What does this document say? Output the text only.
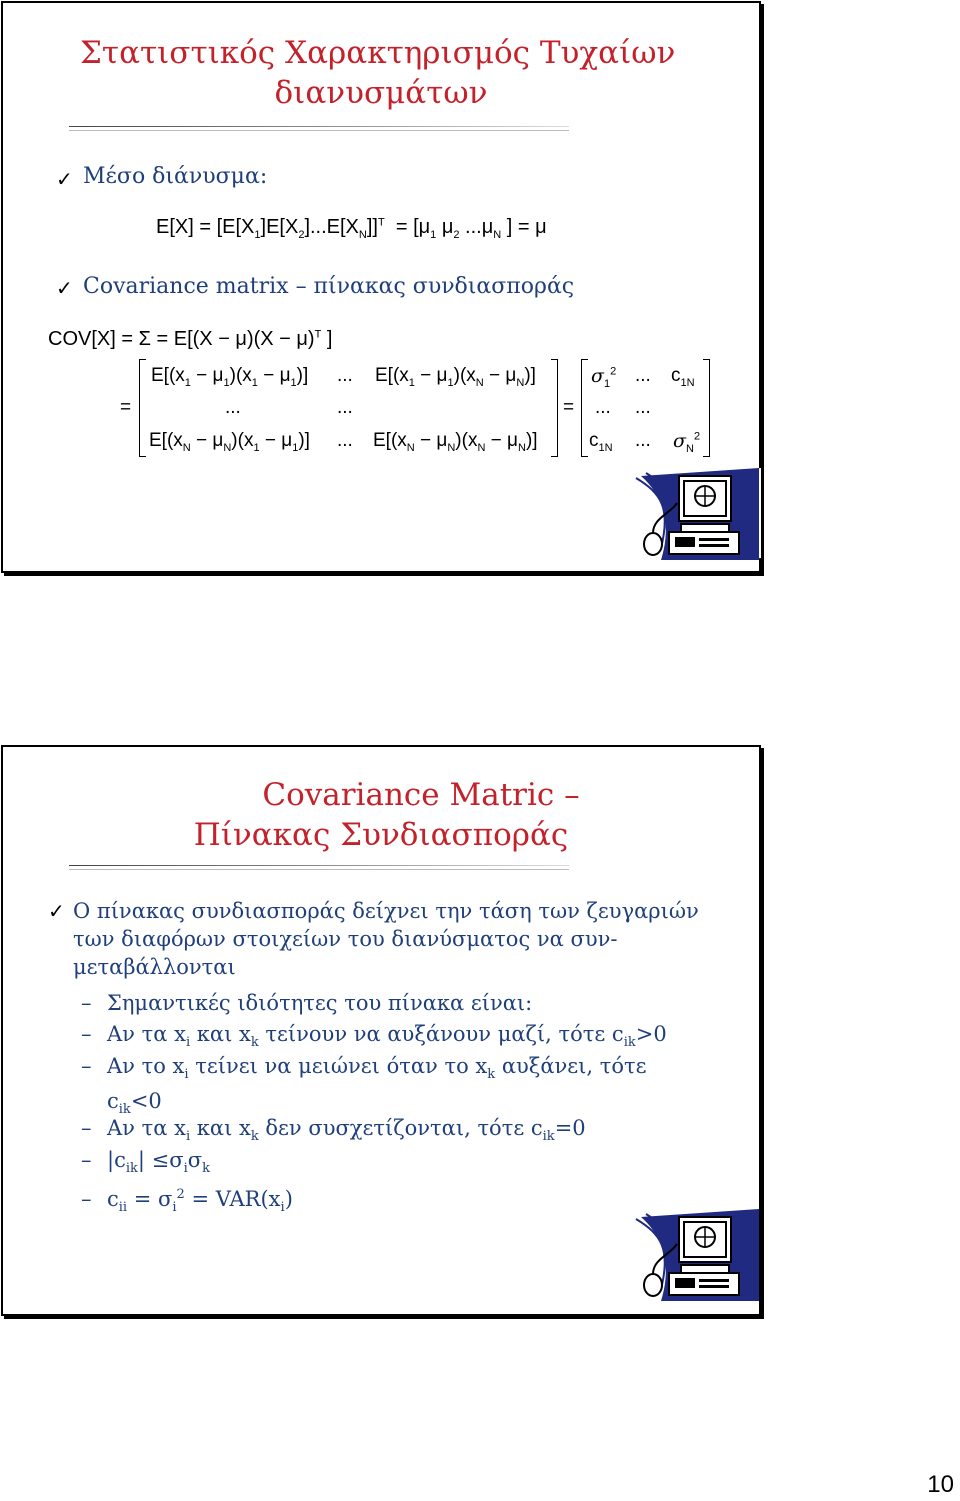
Στατιστικός Χαρακτηρισμός Τυχαίων
διανυσμάτων
✓ Μέσο διάνυσμα:
$E[X] = [E[X_1]E[X_2]...E[X_N]]^T = [\mu_1$ $\mu_2$ $...\mu_N$ ] = μ
✓ Covariance matrix – πίνακας συνδιασποράς
$COV[X] = \Sigma = E[(X - \mu)(X - \mu)^T$ ]
=
$E[(x_1 - \mu_1)(x_1 - \mu_1)]$ ... $E[(x_1 - \mu_1)(x_N - \mu_N)]$
...	...
$E[(x_N - \mu_N)(x_1 - \mu_1)]$ ... $E[(x_N - \mu_N)(x_N - \mu_N)]$
=
$\sigma_1^2$ ... $c_{1N}$
... ...
$c_{1N}$ ... $\sigma_N^2$
Covariance Matric –
Πίνακας Συνδιασποράς
✓ Ο πίνακας συνδιασποράς δείχνει την τάση των ζευγαριών των διαφόρων στοιχείων του διανύσματος να συν-μεταβάλλονται
– Σημαντικές ιδιότητες του πίνακα είναι:
– Αν τα $x_i$ και $x_k$ τείνουν να αυξάνουν μαζί, τότε $c_{ik}>0$
– Αν το $x_i$ τείνει να μειώνει όταν το $x_k$ αυξάνει, τότε
$c_{ik}<0$
– Αν τα $x_i$ και $x_k$ δεν συσχετίζονται, τότε $c_{ik}=0$
– $|c_{ik}| \le\sigma_i\sigma_k$
– $c_{ii} = \sigma_i^2 = VAR(x_i)$
10
